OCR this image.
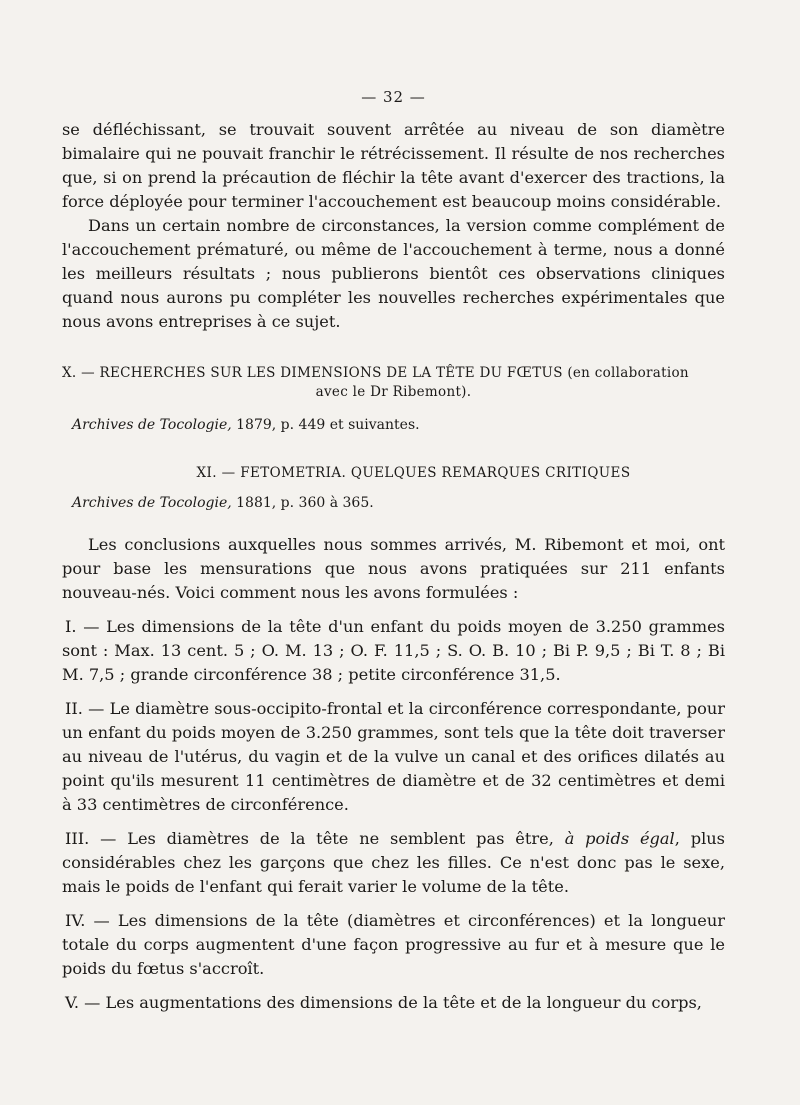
— 32 —

se défléchissant, se trouvait souvent arrêtée au niveau de son diamètre bimalaire qui ne pouvait franchir le rétrécissement. Il résulte de nos recherches que, si on prend la précaution de fléchir la tête avant d'exercer des tractions, la force déployée pour terminer l'accouchement est beaucoup moins considérable.

Dans un certain nombre de circonstances, la version comme complément de l'accouchement prématuré, ou même de l'accouchement à terme, nous a donné les meilleurs résultats ; nous publierons bientôt ces observations cliniques quand nous aurons pu compléter les nouvelles recherches expérimentales que nous avons entreprises à ce sujet.

X. — RECHERCHES SUR LES DIMENSIONS DE LA TÊTE DU FŒTUS (en collaboration
avec le Dr Ribemont).
Archives de Tocologie, 1879, p. 449 et suivantes.
XI. — FETOMETRIA. QUELQUES REMARQUES CRITIQUES
Archives de Tocologie, 1881, p. 360 à 365.

Les conclusions auxquelles nous sommes arrivés, M. Ribemont et moi, ont pour base les mensurations que nous avons pratiquées sur 211 enfants nouveau-nés. Voici comment nous les avons formulées :

I. — Les dimensions de la tête d'un enfant du poids moyen de 3.250 grammes sont : Max. 13 cent. 5 ; O. M. 13 ; O. F. 11,5 ; S. O. B. 10 ; Bi P. 9,5 ; Bi T. 8 ; Bi M. 7,5 ; grande circonférence 38 ; petite circonférence 31,5.

II. — Le diamètre sous-occipito-frontal et la circonférence correspondante, pour un enfant du poids moyen de 3.250 grammes, sont tels que la tête doit traverser au niveau de l'utérus, du vagin et de la vulve un canal et des orifices dilatés au point qu'ils mesurent 11 centimètres de diamètre et de 32 centimètres et demi à 33 centimètres de circonférence.

III. — Les diamètres de la tête ne semblent pas être, à poids égal, plus considérables chez les garçons que chez les filles. Ce n'est donc pas le sexe, mais le poids de l'enfant qui ferait varier le volume de la tête.

IV. — Les dimensions de la tête (diamètres et circonférences) et la longueur totale du corps augmentent d'une façon progressive au fur et à mesure que le poids du fœtus s'accroît.

V. — Les augmentations des dimensions de la tête et de la longueur du corps,
